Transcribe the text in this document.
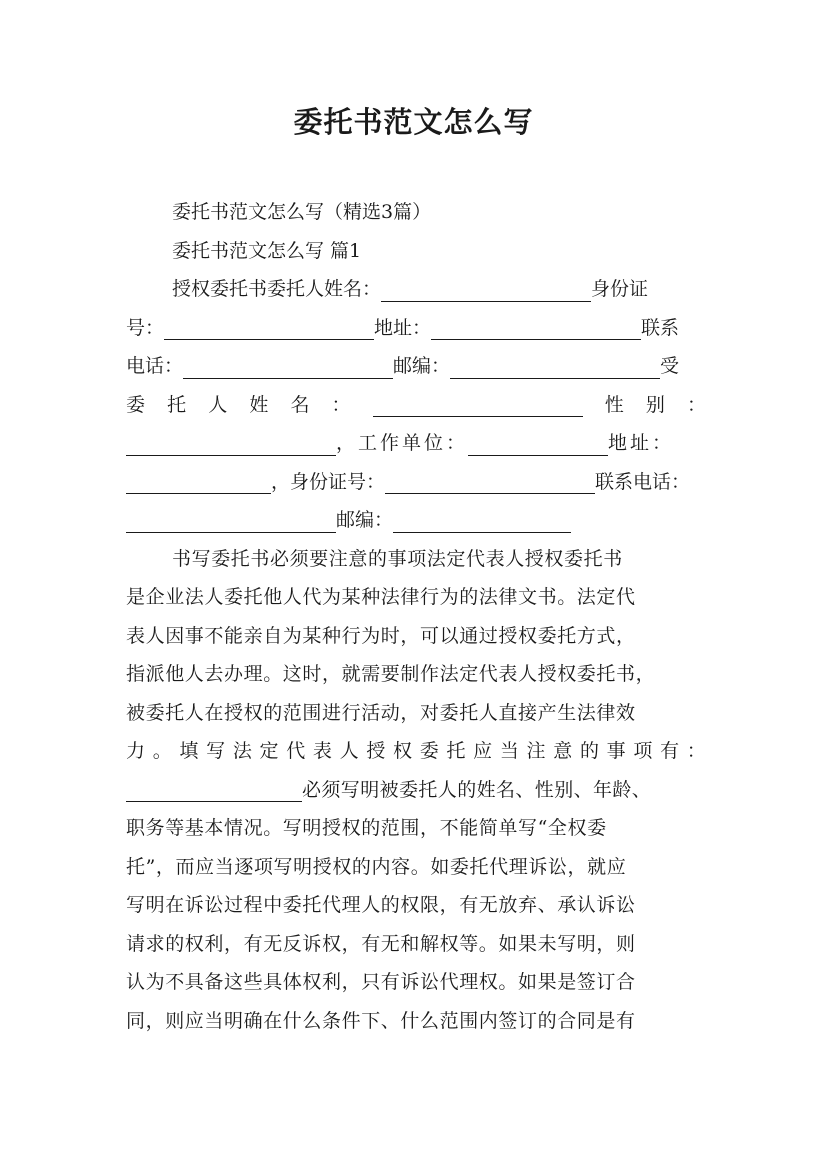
委托书范文怎么写
委托书范文怎么写（精选3篇）
委托书范文怎么写 篇1
授权委托书委托人姓名：	身份证
号：	地址：	联系
电话：	邮编：	受
委 托 人 姓 名 ：	性 别 ：
，工作单位：	地址：
，身份证号：	联系电话：
邮编：
书写委托书必须要注意的事项法定代表人授权委托书
是企业法人委托他人代为某种法律行为的法律文书。法定代
表人因事不能亲自为某种行为时，可以通过授权委托方式，
指派他人去办理。这时，就需要制作法定代表人授权委托书，
被委托人在授权的范围进行活动，对委托人直接产生法律效
力 。 填 写 法 定 代 表 人 授 权 委 托 应 当 注 意 的 事 项 有 ：
必须写明被委托人的姓名、性别、年龄、
职务等基本情况。写明授权的范围，不能简单写“全权委
托”，而应当逐项写明授权的内容。如委托代理诉讼，就应
写明在诉讼过程中委托代理人的权限，有无放弃、承认诉讼
请求的权利，有无反诉权，有无和解权等。如果未写明，则
认为不具备这些具体权利，只有诉讼代理权。如果是签订合
同，则应当明确在什么条件下、什么范围内签订的合同是有
